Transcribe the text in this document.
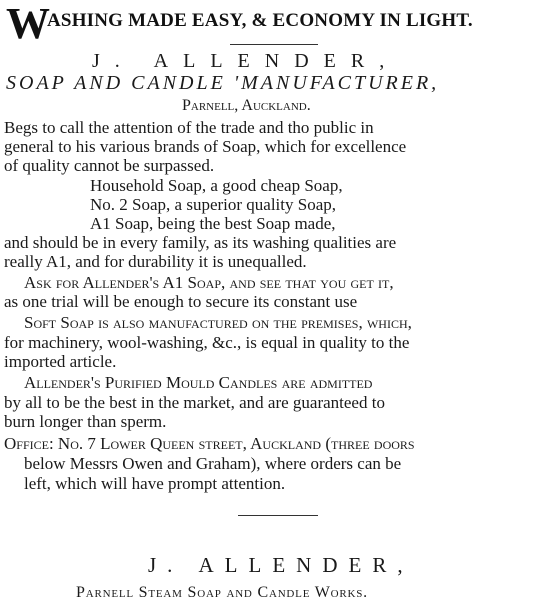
WASHING MADE EASY, & ECONOMY IN LIGHT.
J. ALLENDER,
SOAP AND CANDLE 'MANUFACTURER,
Parnell, Auckland.
Begs to call the attention of the trade and tho public in
general to his various brands of Soap, which for excellence
of quality cannot be surpassed.
Household Soap, a good cheap Soap,
No. 2 Soap, a superior quality Soap,
A1 Soap, being the best Soap made,
and should be in every family, as its washing qualities are
really A1, and for durability it is unequalled.
Ask for Allender's A1 Soap, and see that you get it,
as one trial will be enough to secure its constant use
Soft Soap is also manufactured on the premises, which,
for machinery, wool-washing, &c., is equal in quality to the
imported article.
Allender's Purified Mould Candles are admitted
by all to be the best in the market, and are guaranteed to
burn longer than sperm.
Office: No. 7 Lower Queen street, Auckland (three doors
below Messrs Owen and Graham), where orders can be
left, which will have prompt attention.
J. ALLENDER,
Parnell Steam Soap and Candle Works.
